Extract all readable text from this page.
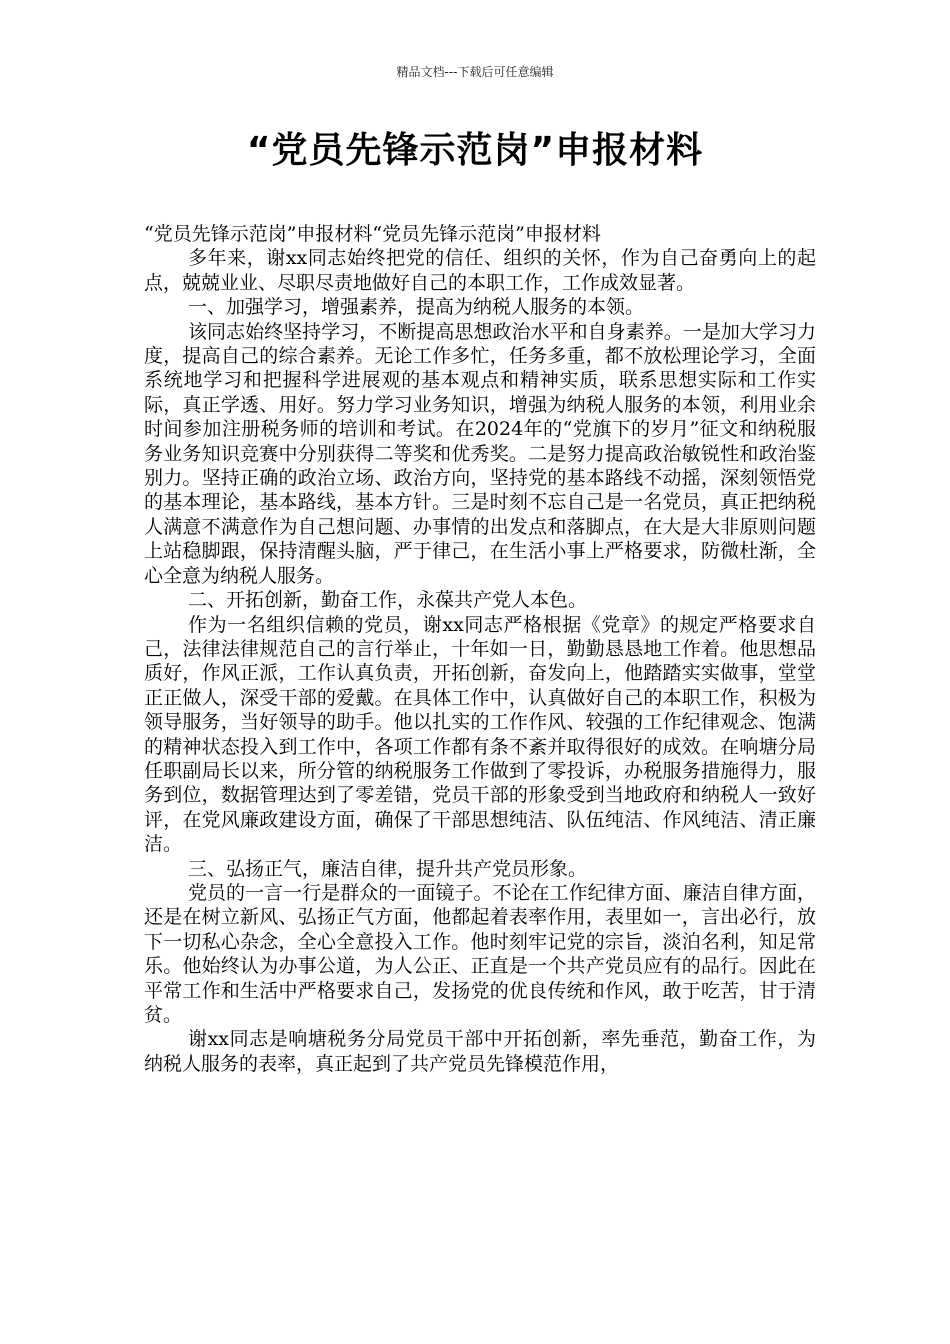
精品文档---下载后可任意编辑
“党员先锋示范岗”申报材料

“党员先锋示范岗”申报材料“党员先锋示范岗”申报材料

多年来，谢xx同志始终把党的信任、组织的关怀，作为自己奋勇向上的起点，兢兢业业、尽职尽责地做好自己的本职工作，工作成效显著。

一、加强学习，增强素养，提高为纳税人服务的本领。

该同志始终坚持学习，不断提高思想政治水平和自身素养。一是加大学习力度，提高自己的综合素养。无论工作多忙，任务多重，都不放松理论学习，全面系统地学习和把握科学进展观的基本观点和精神实质，联系思想实际和工作实际，真正学透、用好。努力学习业务知识，增强为纳税人服务的本领，利用业余时间参加注册税务师的培训和考试。在2024年的“党旗下的岁月”征文和纳税服务业务知识竞赛中分别获得二等奖和优秀奖。二是努力提高政治敏锐性和政治鉴别力。坚持正确的政治立场、政治方向，坚持党的基本路线不动摇，深刻领悟党的基本理论，基本路线，基本方针。三是时刻不忘自己是一名党员，真正把纳税人满意不满意作为自己想问题、办事情的出发点和落脚点，在大是大非原则问题上站稳脚跟，保持清醒头脑，严于律己，在生活小事上严格要求，防微杜渐，全心全意为纳税人服务。

二、开拓创新，勤奋工作，永葆共产党人本色。

作为一名组织信赖的党员，谢xx同志严格根据《党章》的规定严格要求自己，法律法律规范自己的言行举止，十年如一日，勤勤恳恳地工作着。他思想品质好，作风正派，工作认真负责，开拓创新，奋发向上，他踏踏实实做事，堂堂正正做人，深受干部的爱戴。在具体工作中，认真做好自己的本职工作，积极为领导服务，当好领导的助手。他以扎实的工作作风、较强的工作纪律观念、饱满的精神状态投入到工作中，各项工作都有条不紊并取得很好的成效。在响塘分局任职副局长以来，所分管的纳税服务工作做到了零投诉，办税服务措施得力，服务到位，数据管理达到了零差错，党员干部的形象受到当地政府和纳税人一致好评，在党风廉政建设方面，确保了干部思想纯洁、队伍纯洁、作风纯洁、清正廉洁。

三、弘扬正气，廉洁自律，提升共产党员形象。

党员的一言一行是群众的一面镜子。不论在工作纪律方面、廉洁自律方面，还是在树立新风、弘扬正气方面，他都起着表率作用，表里如一，言出必行，放下一切私心杂念，全心全意投入工作。他时刻牢记党的宗旨，淡泊名利，知足常乐。他始终认为办事公道，为人公正、正直是一个共产党员应有的品行。因此在平常工作和生活中严格要求自己，发扬党的优良传统和作风，敢于吃苦，甘于清贫。

谢xx同志是响塘税务分局党员干部中开拓创新，率先垂范，勤奋工作，为纳税人服务的表率，真正起到了共产党员先锋模范作用，
